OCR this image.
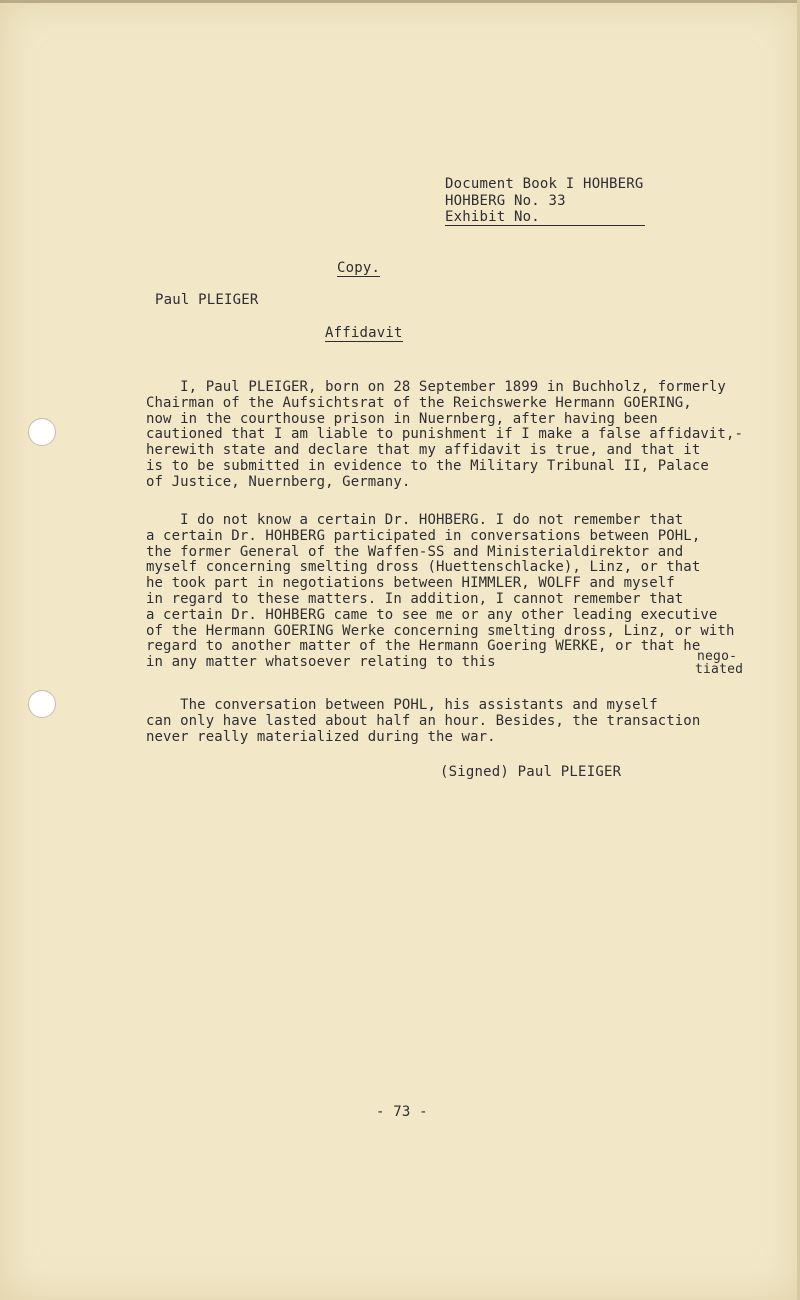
Document Book I HOHBERG
HOHBERG No. 33
Exhibit No.
Copy.
Paul PLEIGER
Affidavit
I, Paul PLEIGER, born on 28 September 1899 in Buchholz, formerly
Chairman of the Aufsichtsrat of the Reichswerke Hermann GOERING,
now in the courthouse prison in Nuernberg, after having been
cautioned that I am liable to punishment if I make a false affidavit,-
herewith state and declare that my affidavit is true, and that it
is to be submitted in evidence to the Military Tribunal II, Palace
of Justice, Nuernberg, Germany.
I do not know a certain Dr. HOHBERG. I do not remember that
a certain Dr. HOHBERG participated in conversations between POHL,
the former General of the Waffen-SS and Ministerialdirektor and
myself concerning smelting dross (Huettenschlacke), Linz, or that
he took part in negotiations between HIMMLER, WOLFF and myself
in regard to these matters. In addition, I cannot remember that
a certain Dr. HOHBERG came to see me or any other leading executive
of the Hermann GOERING Werke concerning smelting dross, Linz, or with
regard to another matter of the Hermann Goering WERKE, or that he
in any matter whatsoever relating to this	nego-
tiated
The conversation between POHL, his assistants and myself
can only have lasted about half an hour. Besides, the transaction
never really materialized during the war.
(Signed) Paul PLEIGER
- 73 -
